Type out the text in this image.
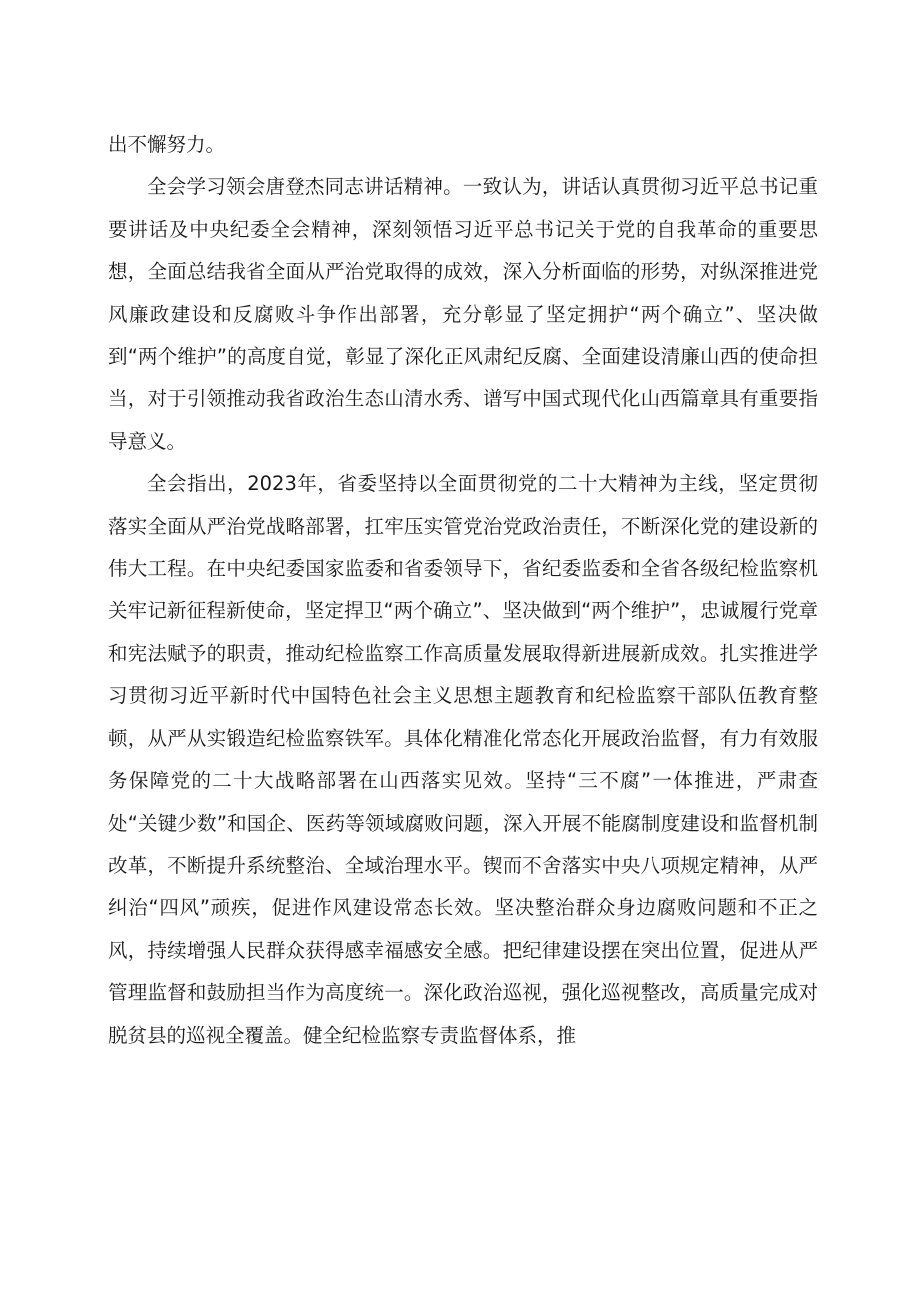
出不懈努力。

全会学习领会唐登杰同志讲话精神。一致认为，讲话认真贯彻习近平总书记重要讲话及中央纪委全会精神，深刻领悟习近平总书记关于党的自我革命的重要思想，全面总结我省全面从严治党取得的成效，深入分析面临的形势，对纵深推进党风廉政建设和反腐败斗争作出部署，充分彰显了坚定拥护“两个确立”、坚决做到“两个维护”的高度自觉，彰显了深化正风肃纪反腐、全面建设清廉山西的使命担当，对于引领推动我省政治生态山清水秀、谱写中国式现代化山西篇章具有重要指导意义。

全会指出，2023年，省委坚持以全面贯彻党的二十大精神为主线，坚定贯彻落实全面从严治党战略部署，扛牢压实管党治党政治责任，不断深化党的建设新的伟大工程。在中央纪委国家监委和省委领导下，省纪委监委和全省各级纪检监察机关牢记新征程新使命，坚定捍卫“两个确立”、坚决做到“两个维护”，忠诚履行党章和宪法赋予的职责，推动纪检监察工作高质量发展取得新进展新成效。扎实推进学习贯彻习近平新时代中国特色社会主义思想主题教育和纪检监察干部队伍教育整顿，从严从实锻造纪检监察铁军。具体化精准化常态化开展政治监督，有力有效服务保障党的二十大战略部署在山西落实见效。坚持“三不腐”一体推进，严肃查处“关键少数”和国企、医药等领域腐败问题，深入开展不能腐制度建设和监督机制改革，不断提升系统整治、全域治理水平。锲而不舍落实中央八项规定精神，从严纠治“四风”顽疾，促进作风建设常态长效。坚决整治群众身边腐败问题和不正之风，持续增强人民群众获得感幸福感安全感。把纪律建设摆在突出位置，促进从严管理监督和鼓励担当作为高度统一。深化政治巡视，强化巡视整改，高质量完成对脱贫县的巡视全覆盖。健全纪检监察专责监督体系，推
